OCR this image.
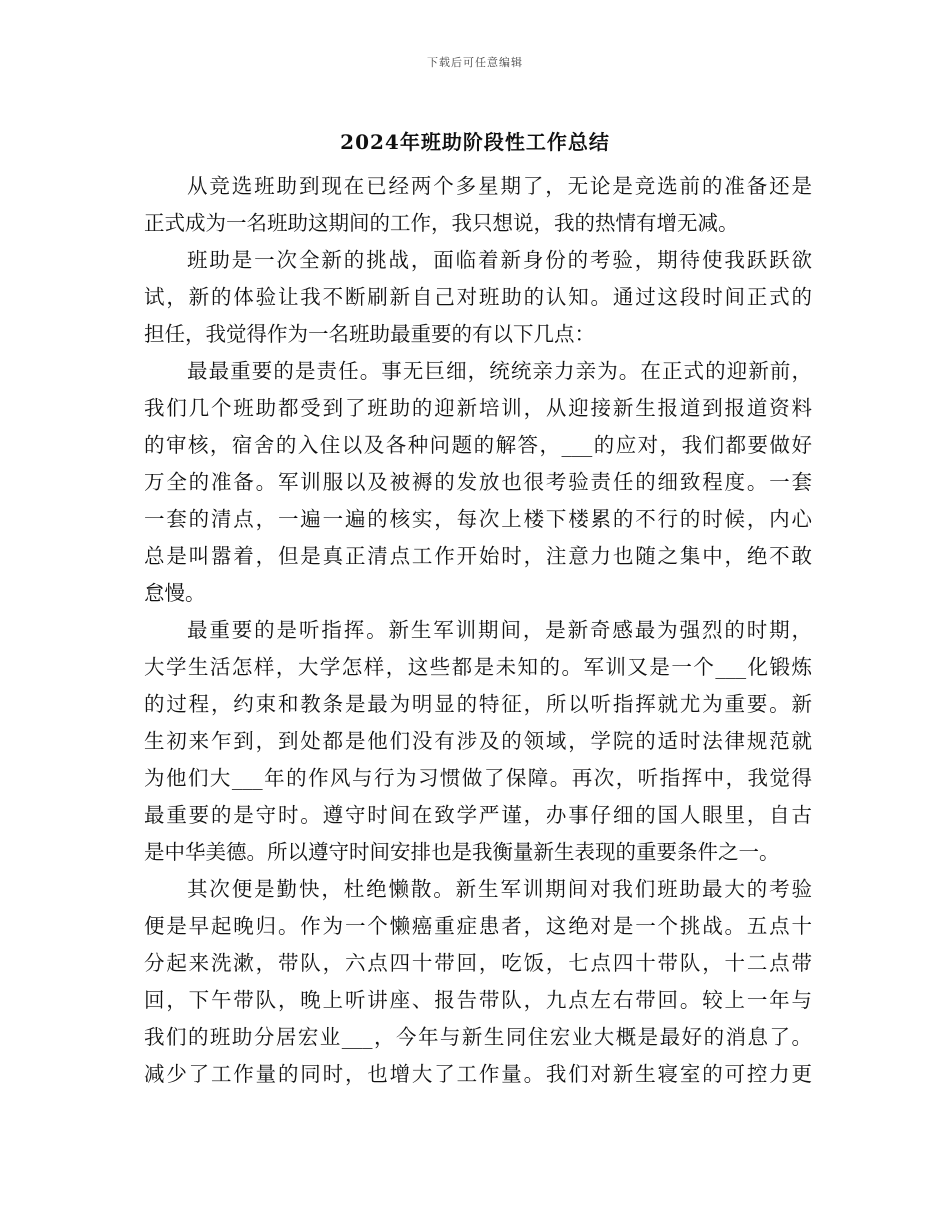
下载后可任意编辑
2024年班助阶段性工作总结
从竞选班助到现在已经两个多星期了，无论是竞选前的准备还是
正式成为一名班助这期间的工作，我只想说，我的热情有增无减。
班助是一次全新的挑战，面临着新身份的考验，期待使我跃跃欲
试，新的体验让我不断刷新自己对班助的认知。通过这段时间正式的
担任，我觉得作为一名班助最重要的有以下几点：
最最重要的是责任。事无巨细，统统亲力亲为。在正式的迎新前，
我们几个班助都受到了班助的迎新培训，从迎接新生报道到报道资料
的审核，宿舍的入住以及各种问题的解答，___的应对，我们都要做好
万全的准备。军训服以及被褥的发放也很考验责任的细致程度。一套
一套的清点，一遍一遍的核实，每次上楼下楼累的不行的时候，内心
总是叫嚣着，但是真正清点工作开始时，注意力也随之集中，绝不敢
怠慢。
最重要的是听指挥。新生军训期间，是新奇感最为强烈的时期，
大学生活怎样，大学怎样，这些都是未知的。军训又是一个___化锻炼
的过程，约束和教条是最为明显的特征，所以听指挥就尤为重要。新
生初来乍到，到处都是他们没有涉及的领域，学院的适时法律规范就
为他们大___年的作风与行为习惯做了保障。再次，听指挥中，我觉得
最重要的是守时。遵守时间在致学严谨，办事仔细的国人眼里，自古
是中华美德。所以遵守时间安排也是我衡量新生表现的重要条件之一。
其次便是勤快，杜绝懒散。新生军训期间对我们班助最大的考验
便是早起晚归。作为一个懒癌重症患者，这绝对是一个挑战。五点十
分起来洗漱，带队，六点四十带回，吃饭，七点四十带队，十二点带
回，下午带队，晚上听讲座、报告带队，九点左右带回。较上一年与
我们的班助分居宏业___，今年与新生同住宏业大概是最好的消息了。
减少了工作量的同时，也增大了工作量。我们对新生寝室的可控力更
